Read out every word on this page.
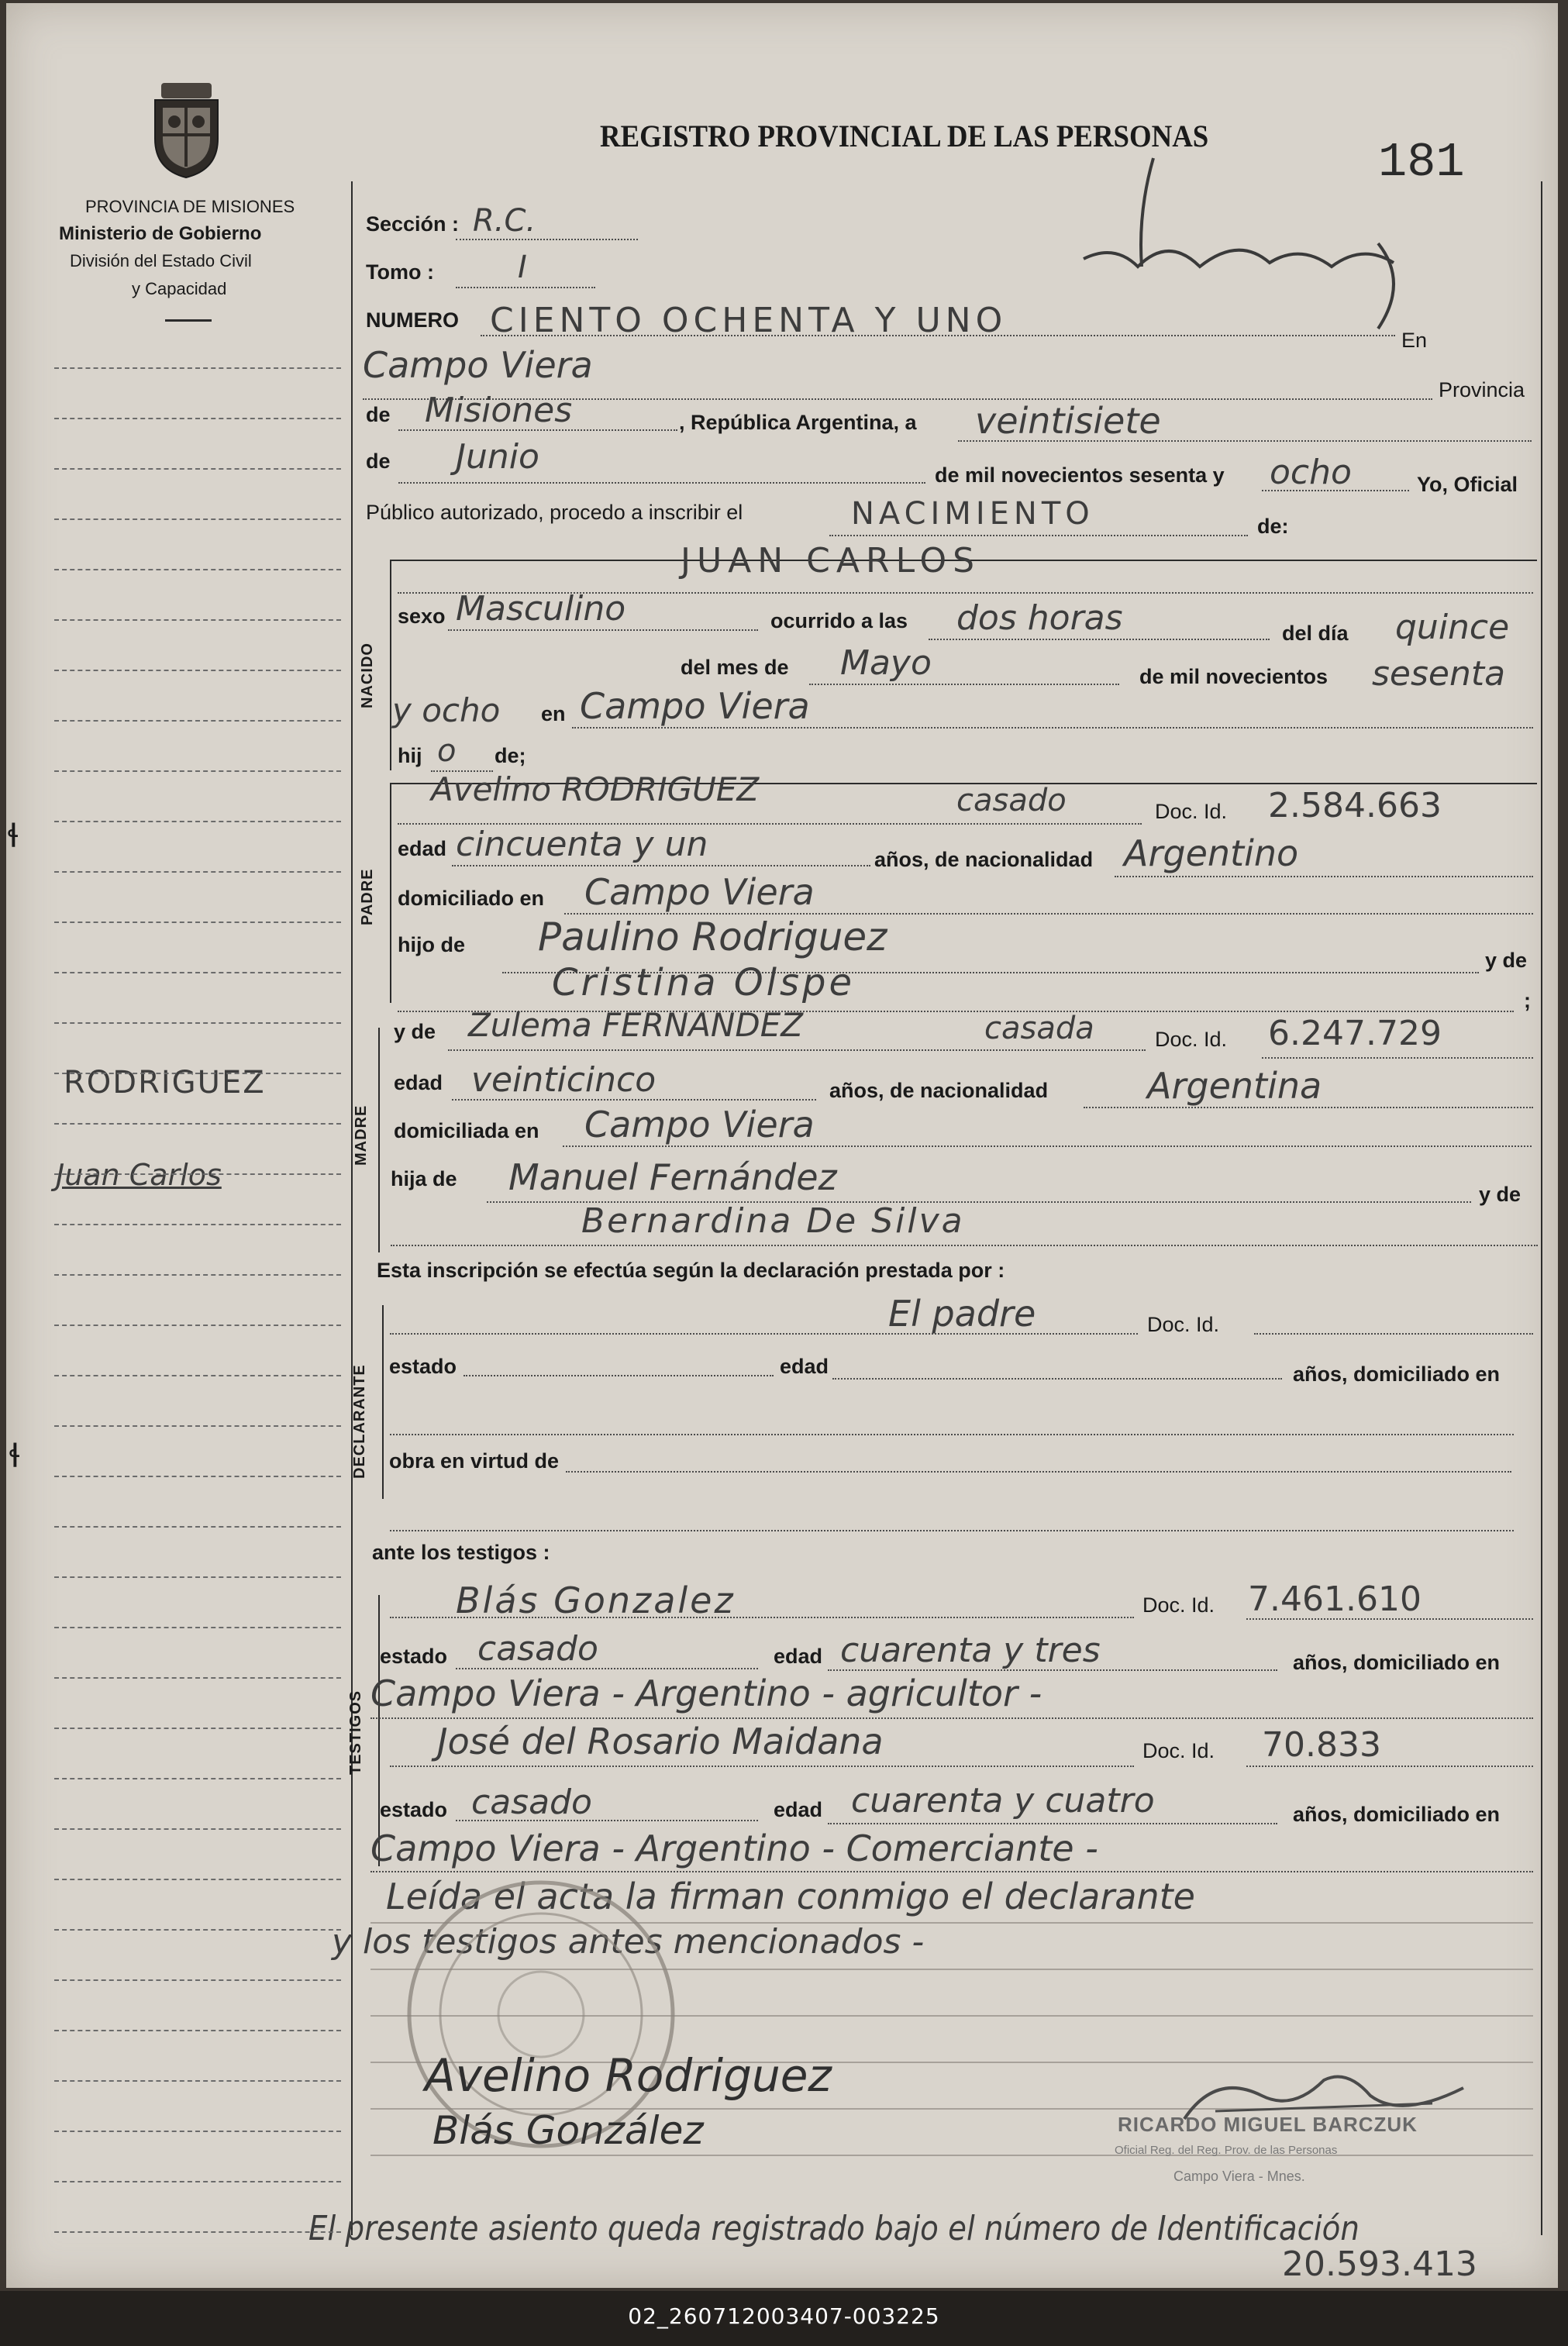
PROVINCIA DE MISIONES
Ministerio de Gobierno
División del Estado Civil
y Capacidad
REGISTRO PROVINCIAL DE LAS PERSONAS	181
RODRIGUEZ
Juan Carlos
ɬ
ɬ
Sección : R.C.
Tomo :	I
NUMERO CIENTO OCHENTA Y UNO	En
Campo Viera
Provincia
de Misiones	, República Argentina, a veintisiete
de Junio	de mil novecientos sesenta y ocho	Yo, Oficial
Público autorizado, procedo a inscribir el	NACIMIENTO	de:
NACIDO
JUAN CARLOS
sexo Masculino	ocurrido a las dos horas	del día quince
del mes de Mayo	de mil novecientos sesenta
y ocho en Campo Viera
hij o de;
PADRE
Avelino RODRIGUEZ	casado	Doc. Id. 2.584.663
edad cincuenta y un	años, de nacionalidad Argentino
domiciliado en Campo Viera
hijo de Paulino Rodriguez
y de
Cristina Olspe	;
MADRE
y de Zulema FERNANDEZ	casada	Doc. Id. 6.247.729
edad veinticinco	años, de nacionalidad	Argentina
domiciliada en Campo Viera
hija de Manuel Fernández	y de
Bernardina De Silva
Esta inscripción se efectúa según la declaración prestada por :
DECLARANTE
El padre	Doc. Id.
estado	edad	años, domiciliado en
obra en virtud de
ante los testigos :
TESTIGOS
Blás Gonzalez	Doc. Id. 7.461.610
estado casado	edad cuarenta y tres	años, domiciliado en
Campo Viera - Argentino - agricultor -
José del Rosario Maidana	Doc. Id. 70.833
estado casado	edad cuarenta y cuatro	años, domiciliado en
Campo Viera - Argentino - Comerciante -
Leída el acta la firman conmigo el declarante
y los testigos antes mencionados -
Avelino Rodriguez
Blás González	RICARDO MIGUEL BARCZUK
Oficial Reg. del Reg. Prov. de las Personas
Campo Viera - Mnes.
El presente asiento queda registrado bajo el número de Identificación
20.593.413
02_260712003407-003225
